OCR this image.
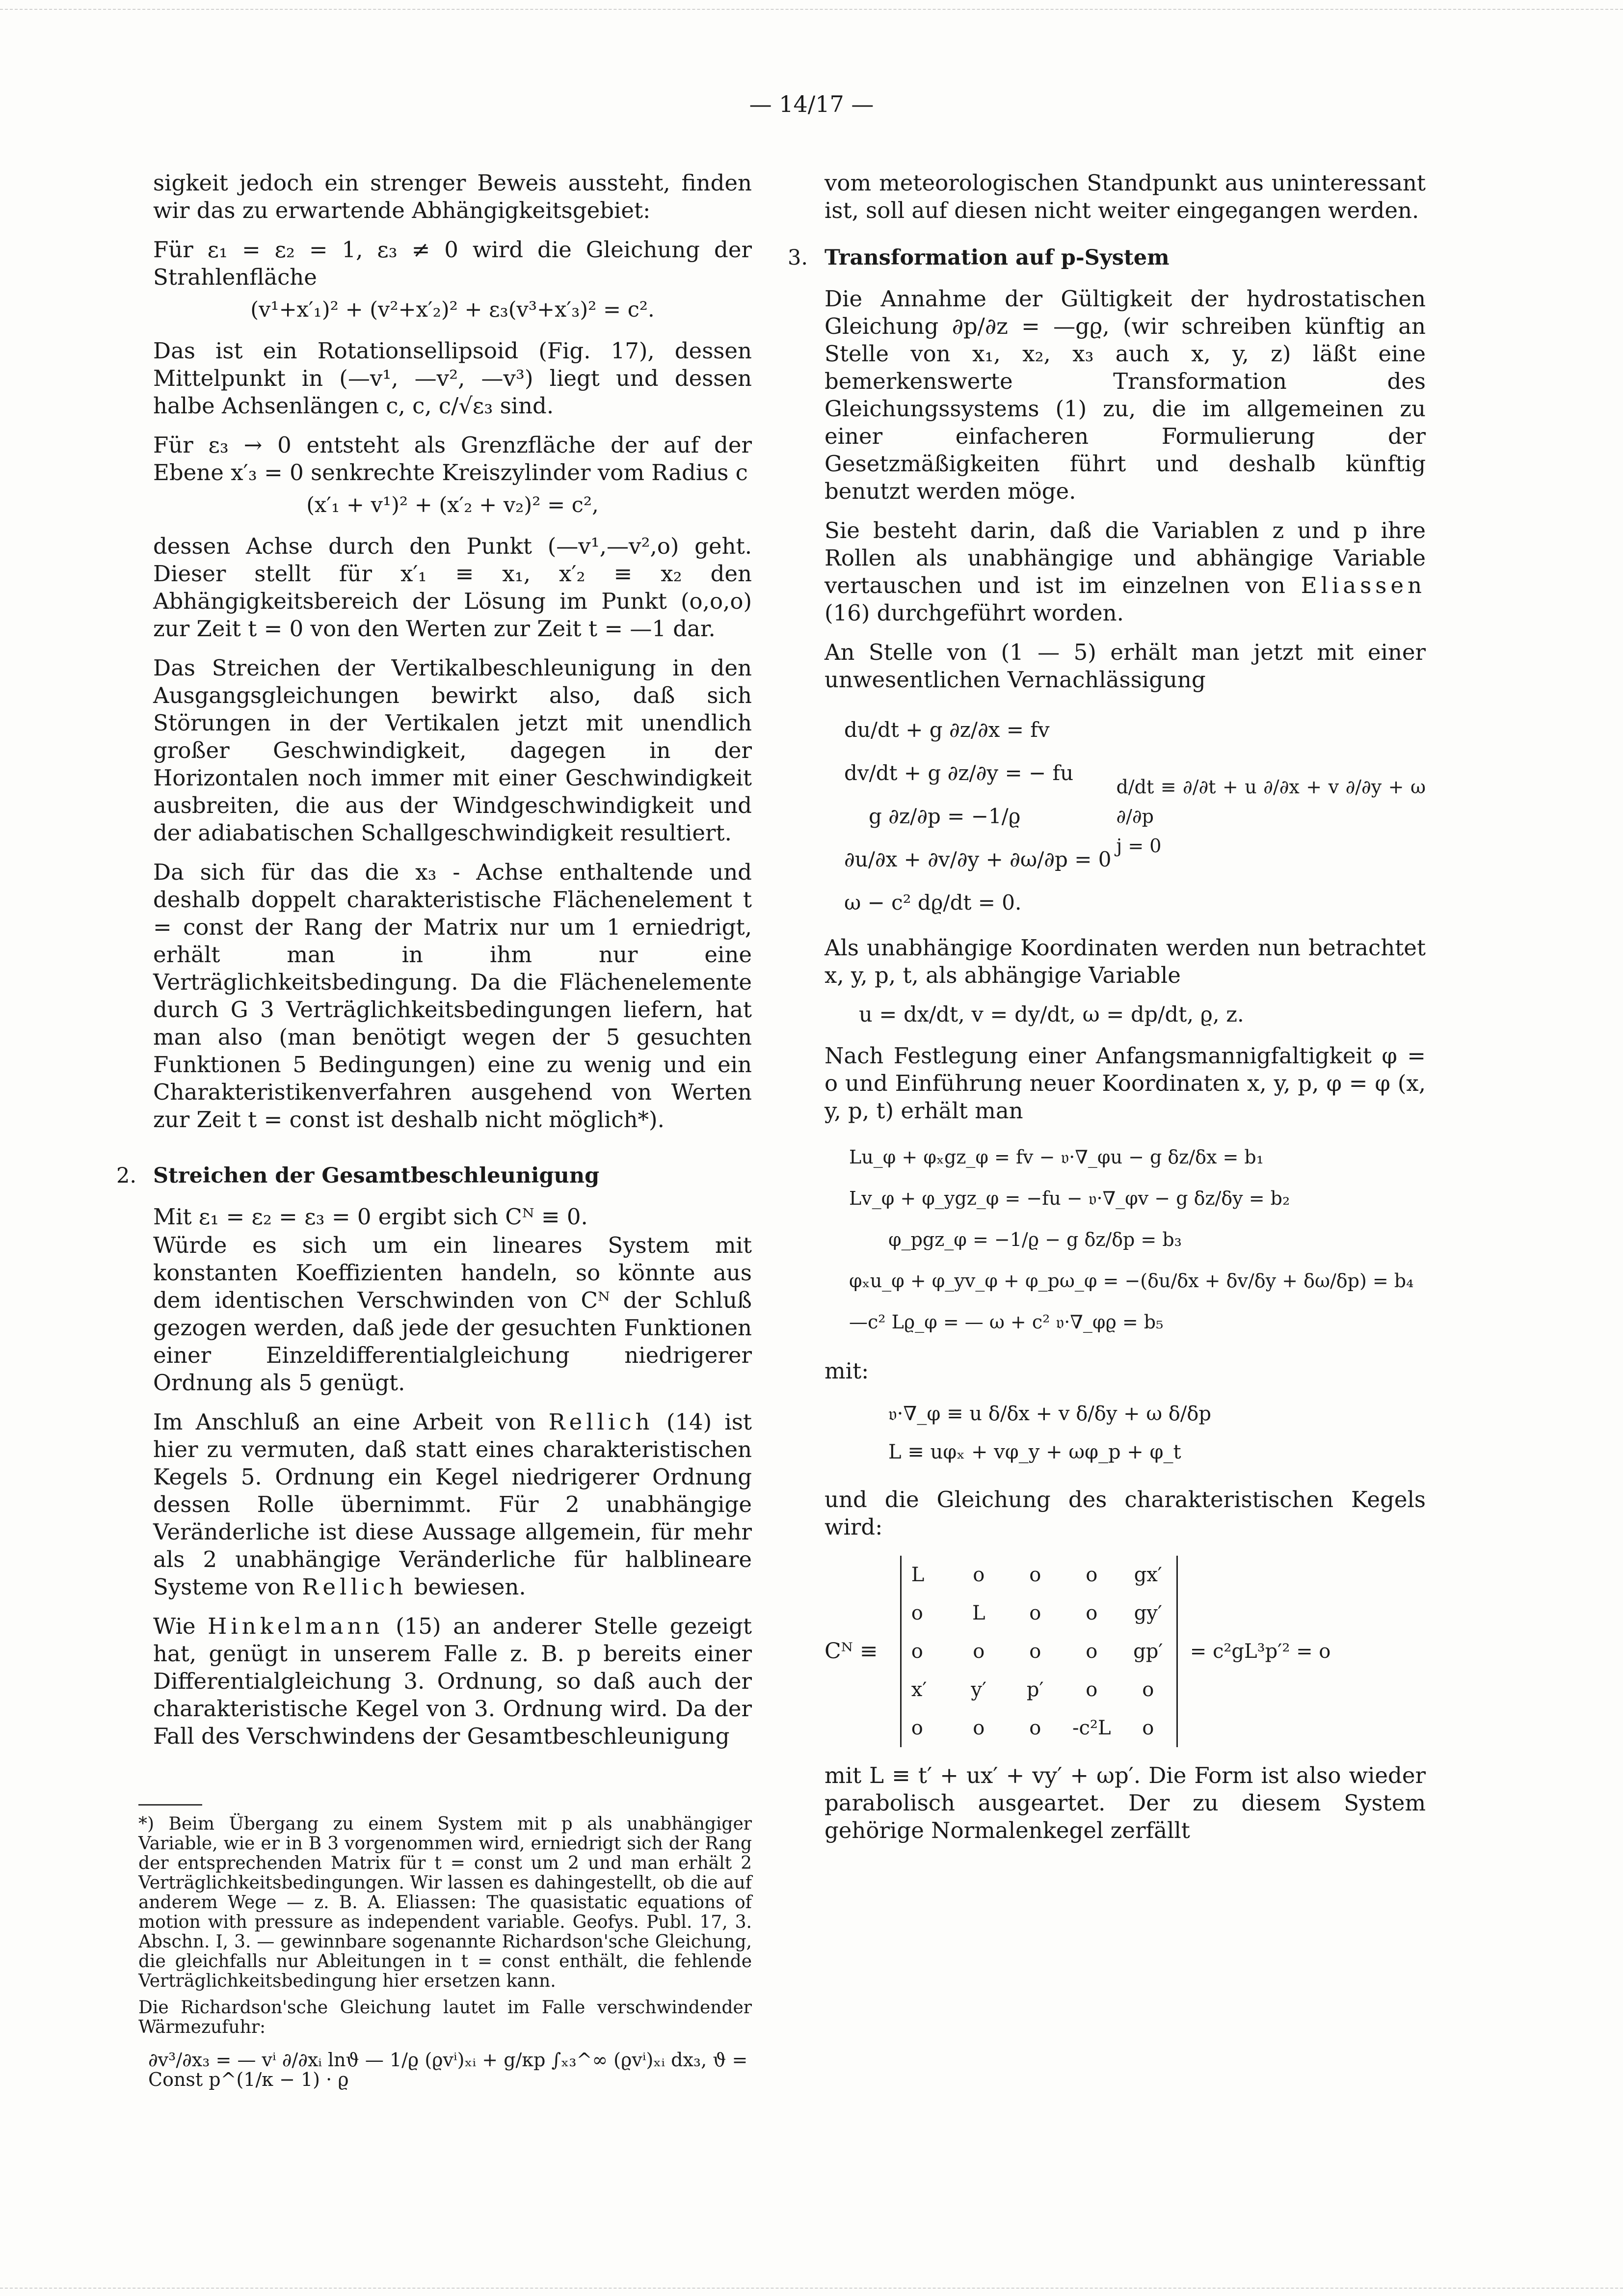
— 14/17 —

sigkeit jedoch ein strenger Beweis aussteht, finden wir das zu erwartende Abhängigkeitsgebiet:

Für ε₁ = ε₂ = 1, ε₃ ≠ 0 wird die Gleichung der Strahlenfläche

(v¹+x′₁)² + (v²+x′₂)² + ε₃(v³+x′₃)² = c².

Das ist ein Rotationsellipsoid (Fig. 17), dessen Mittelpunkt in (—v¹, —v², —v³) liegt und dessen halbe Achsenlängen c, c, c/√ε₃ sind.

Für ε₃ → 0 entsteht als Grenzfläche der auf der Ebene x′₃ = 0 senkrechte Kreiszylinder vom Radius c

(x′₁ + v¹)² + (x′₂ + v₂)² = c²,

dessen Achse durch den Punkt (—v¹,—v²,o) geht. Dieser stellt für x′₁ ≡ x₁, x′₂ ≡ x₂ den Abhängigkeitsbereich der Lösung im Punkt (o,o,o) zur Zeit t = 0 von den Werten zur Zeit t = —1 dar.

Das Streichen der Vertikalbeschleunigung in den Ausgangsgleichungen bewirkt also, daß sich Störungen in der Vertikalen jetzt mit unendlich großer Geschwindigkeit, dagegen in der Horizontalen noch immer mit einer Geschwindigkeit ausbreiten, die aus der Windgeschwindigkeit und der adiabatischen Schallgeschwindigkeit resultiert.

Da sich für das die x₃ - Achse enthaltende und deshalb doppelt charakteristische Flächenelement t = const der Rang der Matrix nur um 1 erniedrigt, erhält man in ihm nur eine Verträglichkeitsbedingung. Da die Flächenelemente durch G 3 Verträglichkeitsbedingungen liefern, hat man also (man benötigt wegen der 5 gesuchten Funktionen 5 Bedingungen) eine zu wenig und ein Charakteristikenverfahren ausgehend von Werten zur Zeit t = const ist deshalb nicht möglich*).

2. Streichen der Gesamtbeschleunigung

Mit ε₁ = ε₂ = ε₃ = 0 ergibt sich Cᴺ ≡ 0.

Würde es sich um ein lineares System mit konstanten Koeffizienten handeln, so könnte aus dem identischen Verschwinden von Cᴺ der Schluß gezogen werden, daß jede der gesuchten Funktionen einer Einzeldifferentialgleichung niedrigerer Ordnung als 5 genügt.

Im Anschluß an eine Arbeit von Rellich (14) ist hier zu vermuten, daß statt eines charakteristischen Kegels 5. Ordnung ein Kegel niedrigerer Ordnung dessen Rolle übernimmt. Für 2 unabhängige Veränderliche ist diese Aussage allgemein, für mehr als 2 unabhängige Veränderliche für halblineare Systeme von Rellich bewiesen.

Wie Hinkelmann (15) an anderer Stelle gezeigt hat, genügt in unserem Falle z. B. p bereits einer Differentialgleichung 3. Ordnung, so daß auch der charakteristische Kegel von 3. Ordnung wird. Da der Fall des Verschwindens der Gesamtbeschleunigung

*) Beim Übergang zu einem System mit p als unabhängiger Variable, wie er in B 3 vorgenommen wird, erniedrigt sich der Rang der entsprechenden Matrix für t = const um 2 und man erhält 2 Verträglichkeitsbedingungen. Wir lassen es dahingestellt, ob die auf anderem Wege — z. B. A. Eliassen: The quasistatic equations of motion with pressure as independent variable. Geofys. Publ. 17, 3. Abschn. I, 3. — gewinnbare sogenannte Richardson'sche Gleichung, die gleichfalls nur Ableitungen in t = const enthält, die fehlende Verträglichkeitsbedingung hier ersetzen kann.

Die Richardson'sche Gleichung lautet im Falle verschwindender Wärmezufuhr:

∂v³/∂x₃ = — vⁱ ∂/∂xᵢ lnϑ — 1/ϱ (ϱvⁱ)ₓᵢ + g/κp ∫ₓ₃^∞ (ϱvⁱ)ₓᵢ dx₃, ϑ = Const p^(1/κ − 1) · ϱ

vom meteorologischen Standpunkt aus uninteressant ist, soll auf diesen nicht weiter eingegangen werden.

3. Transformation auf p-System

Die Annahme der Gültigkeit der hydrostatischen Gleichung ∂p/∂z = —gϱ, (wir schreiben künftig an Stelle von x₁, x₂, x₃ auch x, y, z) läßt eine bemerkenswerte Transformation des Gleichungssystems (1) zu, die im allgemeinen zu einer einfacheren Formulierung der Gesetzmäßigkeiten führt und deshalb künftig benutzt werden möge.

Sie besteht darin, daß die Variablen z und p ihre Rollen als unabhängige und abhängige Variable vertauschen und ist im einzelnen von Eliassen (16) durchgeführt worden.

An Stelle von (1 — 5) erhält man jetzt mit einer unwesentlichen Vernachlässigung

du/dt + g ∂z/∂x = fv
dv/dt + g ∂z/∂y = − fu
g ∂z/∂p = −1/ϱ
∂u/∂x + ∂v/∂y + ∂ω/∂p = 0
ω − c² dϱ/dt = 0.
d/dt ≡ ∂/∂t + u ∂/∂x + v ∂/∂y + ω ∂/∂p
j = 0

Als unabhängige Koordinaten werden nun betrachtet x, y, p, t, als abhängige Variable

u = dx/dt, v = dy/dt, ω = dp/dt, ϱ, z.

Nach Festlegung einer Anfangsmannigfaltigkeit φ = o und Einführung neuer Koordinaten x, y, p, φ = φ (x, y, p, t) erhält man

Lu_φ + φₓgz_φ = fv − 𝔳·∇_φu − g δz/δx = b₁
Lv_φ + φ_ygz_φ = −fu − 𝔳·∇_φv − g δz/δy = b₂
φ_pgz_φ = −1/ϱ − g δz/δp = b₃
φₓu_φ + φ_yv_φ + φ_pω_φ = −(δu/δx + δv/δy + δω/δp) = b₄
—c² Lϱ_φ = — ω + c² 𝔳·∇_φϱ = b₅

mit:

𝔳·∇_φ ≡ u δ/δx + v δ/δy + ω δ/δp
L ≡ uφₓ + vφ_y + ωφ_p + φ_t

und die Gleichung des charakteristischen Kegels wird:

Cᴺ ≡
L	o	o	o	gx′
o	L	o	o	gy′
o	o	o	o	gp′
x′	y′	p′	o	o
o	o	o	-c²L	o
= c²gL³p′² = o

mit L ≡ t′ + ux′ + vy′ + ωp′. Die Form ist also wieder parabolisch ausgeartet. Der zu diesem System gehörige Normalenkegel zerfällt
